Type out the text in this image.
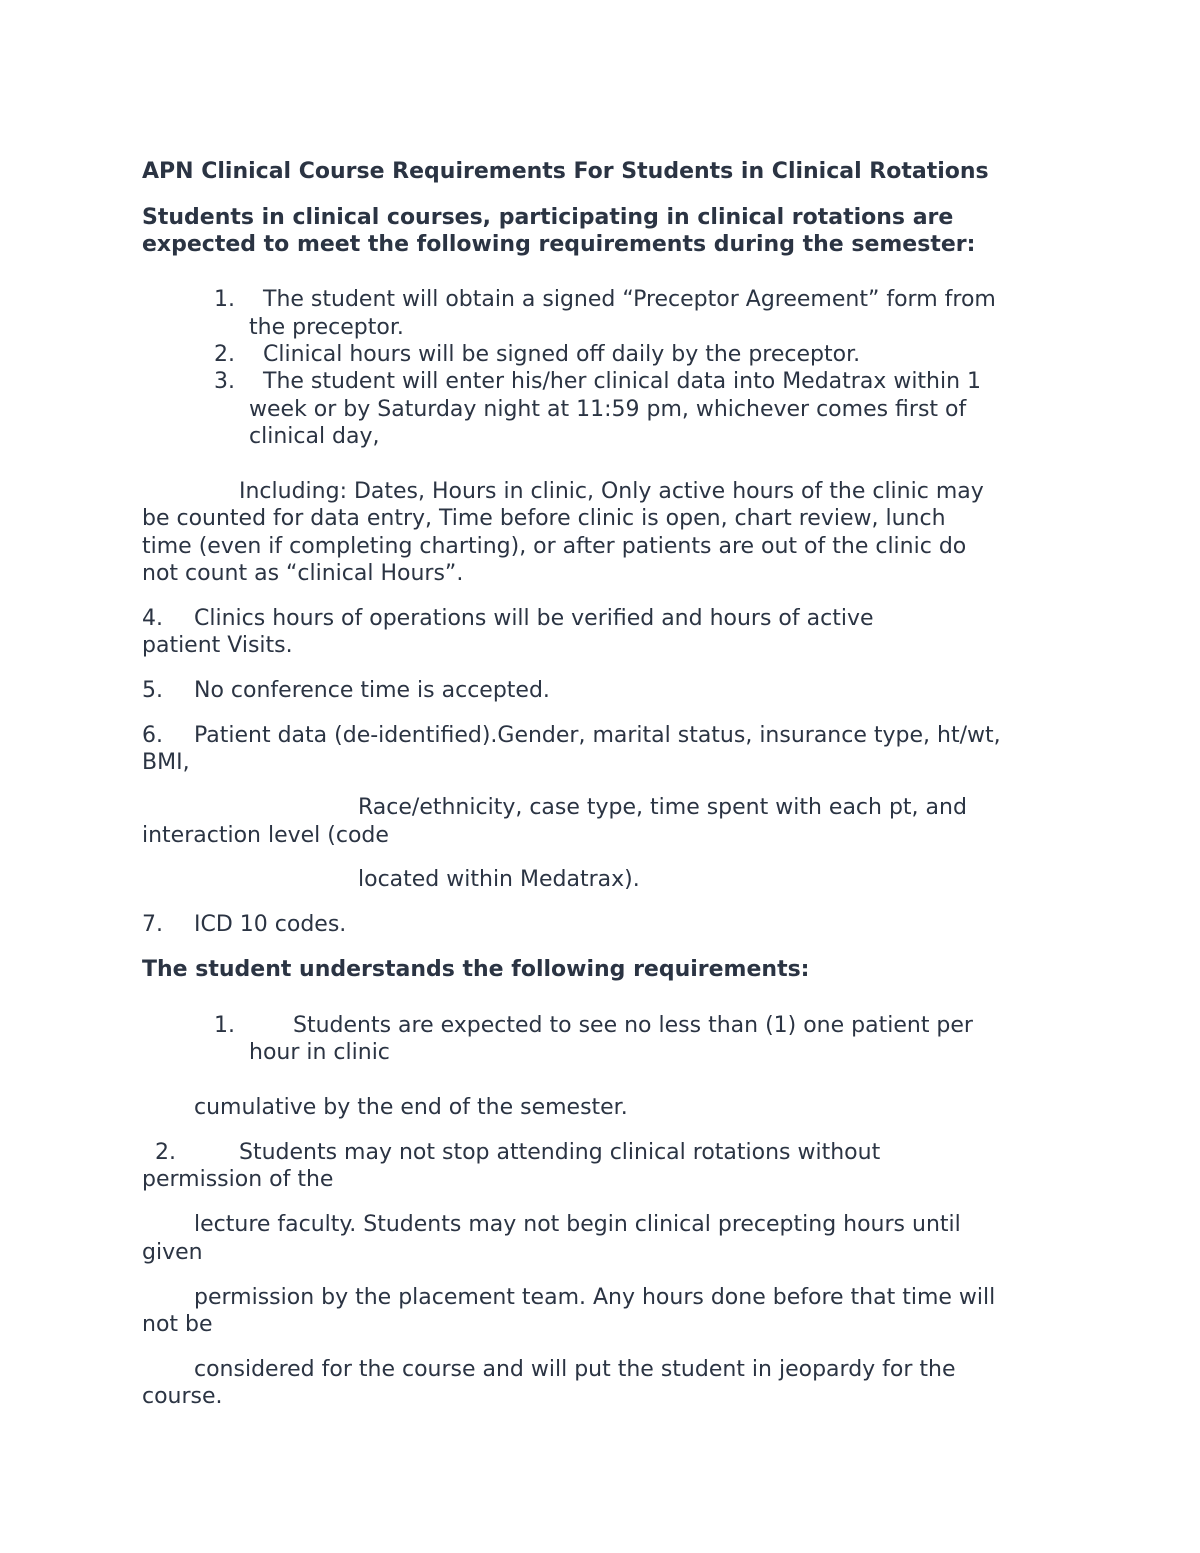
APN Clinical Course Requirements For Students in Clinical Rotations
Students in clinical courses, participating in clinical rotations are
expected to meet the following requirements during the semester:
1. The student will obtain a signed “Preceptor Agreement” form from
the preceptor.
2. Clinical hours will be signed off daily by the preceptor.
3. The student will enter his/her clinical data into Medatrax within 1
week or by Saturday night at 11:59 pm, whichever comes first of
clinical day,
Including: Dates, Hours in clinic, Only active hours of the clinic may
be counted for data entry, Time before clinic is open, chart review, lunch
time (even if completing charting), or after patients are out of the clinic do
not count as “clinical Hours”.
4. Clinics hours of operations will be verified and hours of active
patient Visits.
5. No conference time is accepted.
6. Patient data (de-identified).Gender, marital status, insurance type, ht/wt,
BMI,
Race/ethnicity, case type, time spent with each pt, and
interaction level (code
located within Medatrax).
7. ICD 10 codes.
The student understands the following requirements:
1.	Students are expected to see no less than (1) one patient per
hour in clinic
cumulative by the end of the semester.
2.	Students may not stop attending clinical rotations without
permission of the
lecture faculty. Students may not begin clinical precepting hours until
given
permission by the placement team. Any hours done before that time will
not be
considered for the course and will put the student in jeopardy for the
course.
